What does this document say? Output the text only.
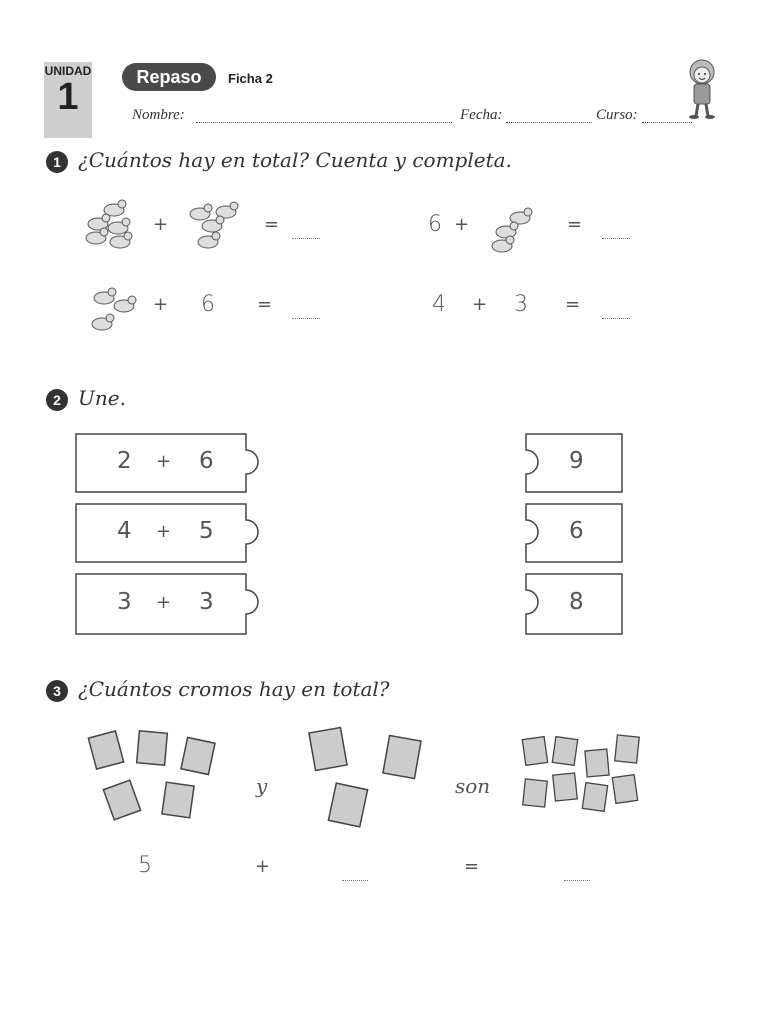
UNIDAD
1	Repaso	Ficha 2
Nombre:	Fecha:	Curso:
1 ¿Cuántos hay en total? Cuenta y completa.
+	=	6 +	=
+ 6 =	4 + 3 =
2 Une.
2 + 6
4 + 5
3 + 3
9
6
8
3 ¿Cuántos cromos hay en total?
y	son
5	+	=
